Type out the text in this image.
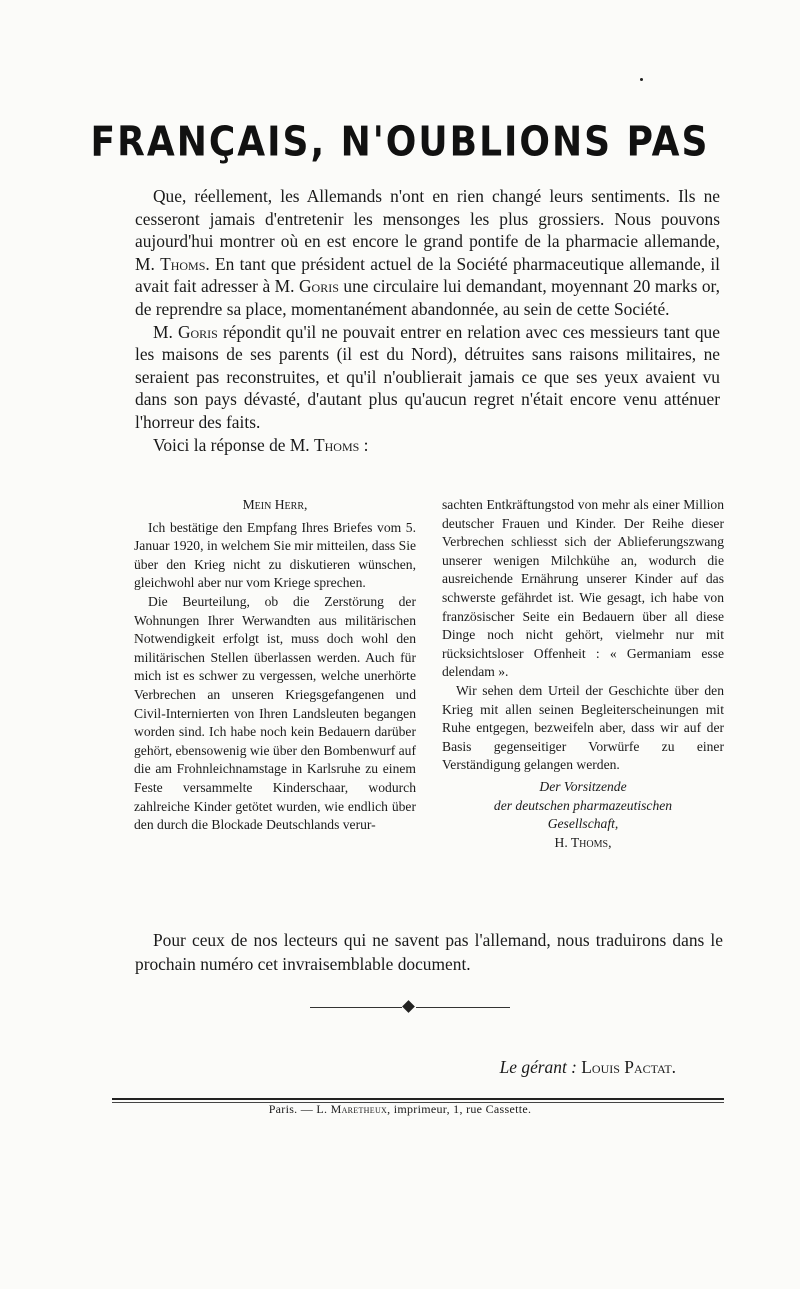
FRANÇAIS, N'OUBLIONS PAS

Que, réellement, les Allemands n'ont en rien changé leurs sentiments. Ils ne cesseront jamais d'entretenir les mensonges les plus grossiers. Nous pouvons aujourd'hui montrer où en est encore le grand pontife de la pharmacie allemande, M. Thoms. En tant que président actuel de la Société pharmaceutique allemande, il avait fait adresser à M. Goris une circulaire lui demandant, moyennant 20 marks or, de reprendre sa place, momentanément abandonnée, au sein de cette Société.

M. Goris répondit qu'il ne pouvait entrer en relation avec ces messieurs tant que les maisons de ses parents (il est du Nord), détruites sans raisons militaires, ne seraient pas reconstruites, et qu'il n'oublierait jamais ce que ses yeux avaient vu dans son pays dévasté, d'autant plus qu'aucun regret n'était encore venu atténuer l'horreur des faits.

Voici la réponse de M. Thoms :

Mein Herr,

Ich bestätige den Empfang Ihres Briefes vom 5. Januar 1920, in welchem Sie mir mitteilen, dass Sie über den Krieg nicht zu diskutieren wünschen, gleichwohl aber nur vom Kriege sprechen.

Die Beurteilung, ob die Zerstörung der Wohnungen Ihrer Werwandten aus militärischen Notwendigkeit erfolgt ist, muss doch wohl den militärischen Stellen überlassen werden. Auch für mich ist es schwer zu vergessen, welche unerhörte Verbrechen an unseren Kriegsgefangenen und Civil-Internierten von Ihren Landsleuten begangen worden sind. Ich habe noch kein Bedauern darüber gehört, ebensowenig wie über den Bombenwurf auf die am Frohnleichnamstage in Karlsruhe zu einem Feste versammelte Kinderschaar, wodurch zahlreiche Kinder getötet wurden, wie endlich über den durch die Blockade Deutschlands verur-

sachten Entkräftungstod von mehr als einer Million deutscher Frauen und Kinder. Der Reihe dieser Verbrechen schliesst sich der Ablieferungszwang unserer wenigen Milchkühe an, wodurch die ausreichende Ernährung unserer Kinder auf das schwerste gefährdet ist. Wie gesagt, ich habe von französischer Seite ein Bedauern über all diese Dinge noch nicht gehört, vielmehr nur mit rücksichtsloser Offenheit : « Germaniam esse delendam ».

Wir sehen dem Urteil der Geschichte über den Krieg mit allen seinen Begleiterscheinungen mit Ruhe entgegen, bezweifeln aber, dass wir auf der Basis gegenseitiger Vorwürfe zu einer Verständigung gelangen werden.

Der Vorsitzende
der deutschen pharmazeutischen
Gesellschaft,
H. Thoms,

Pour ceux de nos lecteurs qui ne savent pas l'allemand, nous traduirons dans le prochain numéro cet invraisemblable document.

Le gérant : Louis Pactat.
Paris. — L. Maretheux, imprimeur, 1, rue Cassette.
